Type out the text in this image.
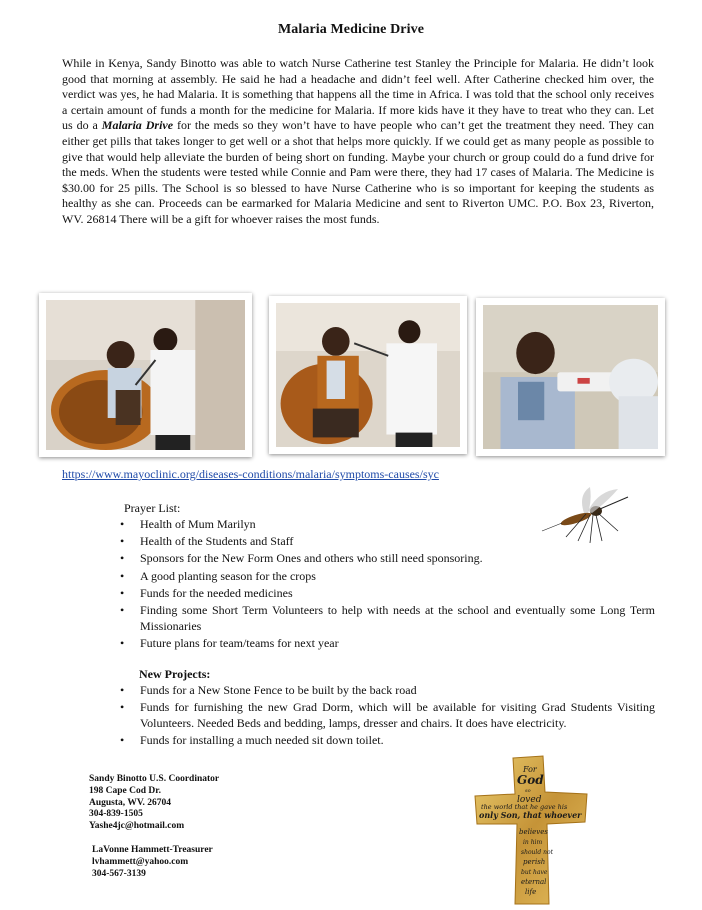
Malaria Medicine Drive

While in Kenya, Sandy Binotto was able to watch Nurse Catherine test Stanley the Principle for Malaria. He didn’t look good that morning at assembly. He said he had a headache and didn’t feel well. After Catherine checked him over, the verdict was yes, he had Malaria. It is something that happens all the time in Africa. I was told that the school only receives a certain amount of funds a month for the medicine for Malaria. If more kids have it they have to treat who they can. Let us do a Malaria Drive for the meds so they won’t have to have people who can’t get the treatment they need. They can either get pills that takes longer to get well or a shot that helps more quickly. If we could get as many people as possible to give that would help alleviate the burden of being short on funding. Maybe your church or group could do a fund drive for the meds. When the students were tested while Connie and Pam were there, they had 17 cases of Malaria. The Medicine is $30.00 for 25 pills. The School is so blessed to have Nurse Catherine who is so important for keeping the students as healthy as she can. Proceeds can be earmarked for Malaria Medicine and sent to Riverton UMC. P.O. Box 23, Riverton, WV. 26814 There will be a gift for whoever raises the most funds.

https://www.mayoclinic.org/diseases-conditions/malaria/symptoms-causes/syc
Prayer List:
• Health of Mum Marilyn
• Health of the Students and Staff
• Sponsors for the New Form Ones and others who still need sponsoring.
• A good planting season for the crops
• Funds for the needed medicines
• Finding some Short Term Volunteers to help with needs at the school and eventually some Long Term Missionaries
• Future plans for team/teams for next year
New Projects:
• Funds for a New Stone Fence to be built by the back road
• Funds for furnishing the new Grad Dorm, which will be available for visiting Grad Students Visiting Volunteers. Needed Beds and bedding, lamps, dresser and chairs. It does have electricity.
• Funds for installing a much needed sit down toilet.
Sandy Binotto U.S. Coordinator
198 Cape Cod Dr.
Augusta, WV. 26704
304-839-1505
Yashe4jc@hotmail.com
LaVonne Hammett-Treasurer
lvhammett@yahoo.com
304-567-3139
For
God
so
loved
the world that he gave his
only Son, that whoever
believes
in him
should not
perish
but have
eternal
life
